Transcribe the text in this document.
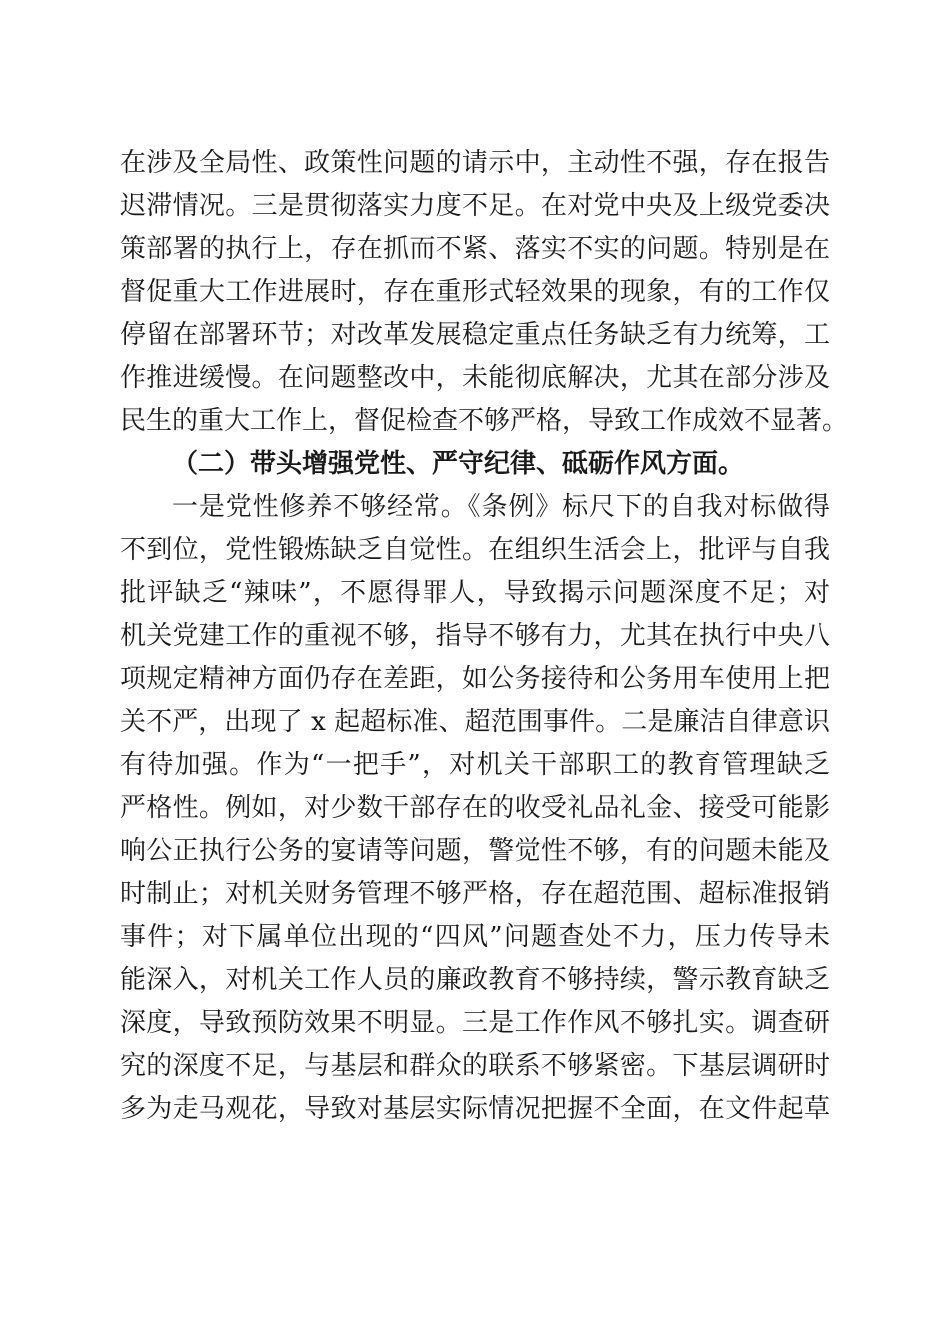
在涉及全局性、政策性问题的请示中，主动性不强，存在报告
迟滞情况。三是贯彻落实力度不足。在对党中央及上级党委决
策部署的执行上，存在抓而不紧、落实不实的问题。特别是在
督促重大工作进展时，存在重形式轻效果的现象，有的工作仅
停留在部署环节；对改革发展稳定重点任务缺乏有力统筹，工
作推进缓慢。在问题整改中，未能彻底解决，尤其在部分涉及
民生的重大工作上，督促检查不够严格，导致工作成效不显著。
（二）带头增强党性、严守纪律、砥砺作风方面。
一是党性修养不够经常。《条例》标尺下的自我对标做得
不到位，党性锻炼缺乏自觉性。在组织生活会上，批评与自我
批评缺乏“辣味”，不愿得罪人，导致揭示问题深度不足；对
机关党建工作的重视不够，指导不够有力，尤其在执行中央八
项规定精神方面仍存在差距，如公务接待和公务用车使用上把
关不严，出现了 x 起超标准、超范围事件。二是廉洁自律意识
有待加强。作为“一把手”，对机关干部职工的教育管理缺乏
严格性。例如，对少数干部存在的收受礼品礼金、接受可能影
响公正执行公务的宴请等问题，警觉性不够，有的问题未能及
时制止；对机关财务管理不够严格，存在超范围、超标准报销
事件；对下属单位出现的“四风”问题查处不力，压力传导未
能深入，对机关工作人员的廉政教育不够持续，警示教育缺乏
深度，导致预防效果不明显。三是工作作风不够扎实。调查研
究的深度不足，与基层和群众的联系不够紧密。下基层调研时
多为走马观花，导致对基层实际情况把握不全面，在文件起草
